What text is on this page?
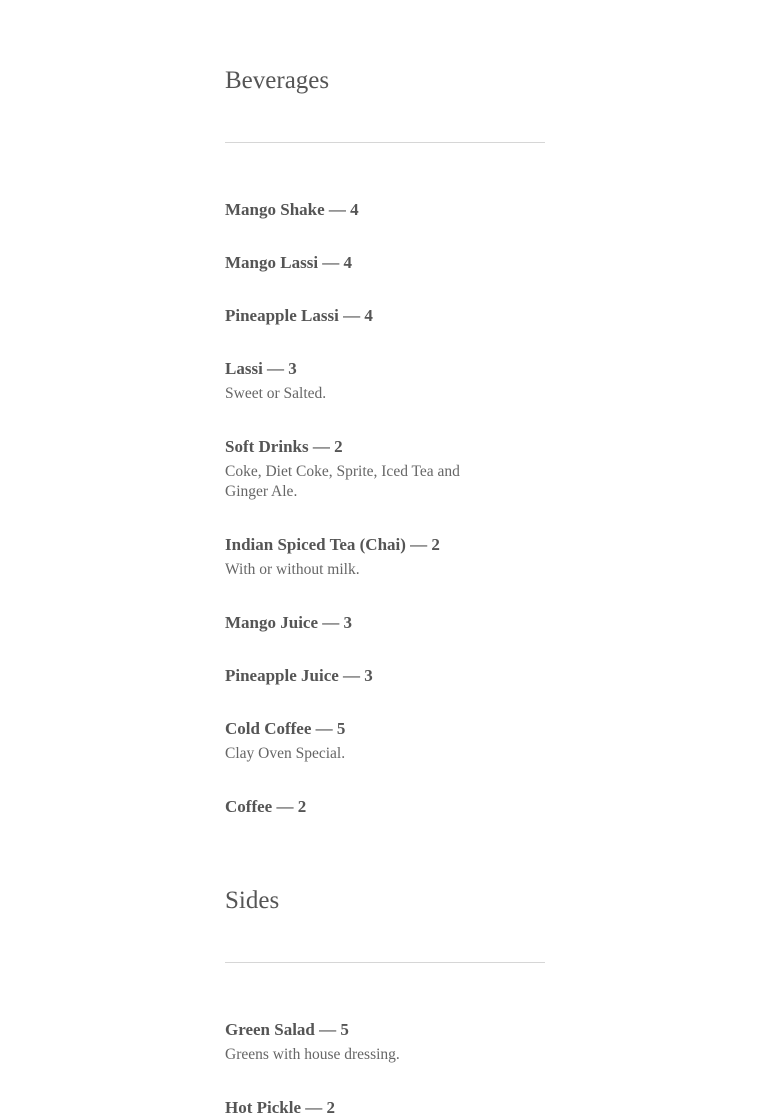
Beverages
Mango Shake — 4
Mango Lassi — 4
Pineapple Lassi — 4
Lassi — 3
Sweet or Salted.
Soft Drinks — 2
Coke, Diet Coke, Sprite, Iced Tea and Ginger Ale.
Indian Spiced Tea (Chai) — 2
With or without milk.
Mango Juice — 3
Pineapple Juice — 3
Cold Coffee — 5
Clay Oven Special.
Coffee — 2
Sides
Green Salad — 5
Greens with house dressing.
Hot Pickle — 2
